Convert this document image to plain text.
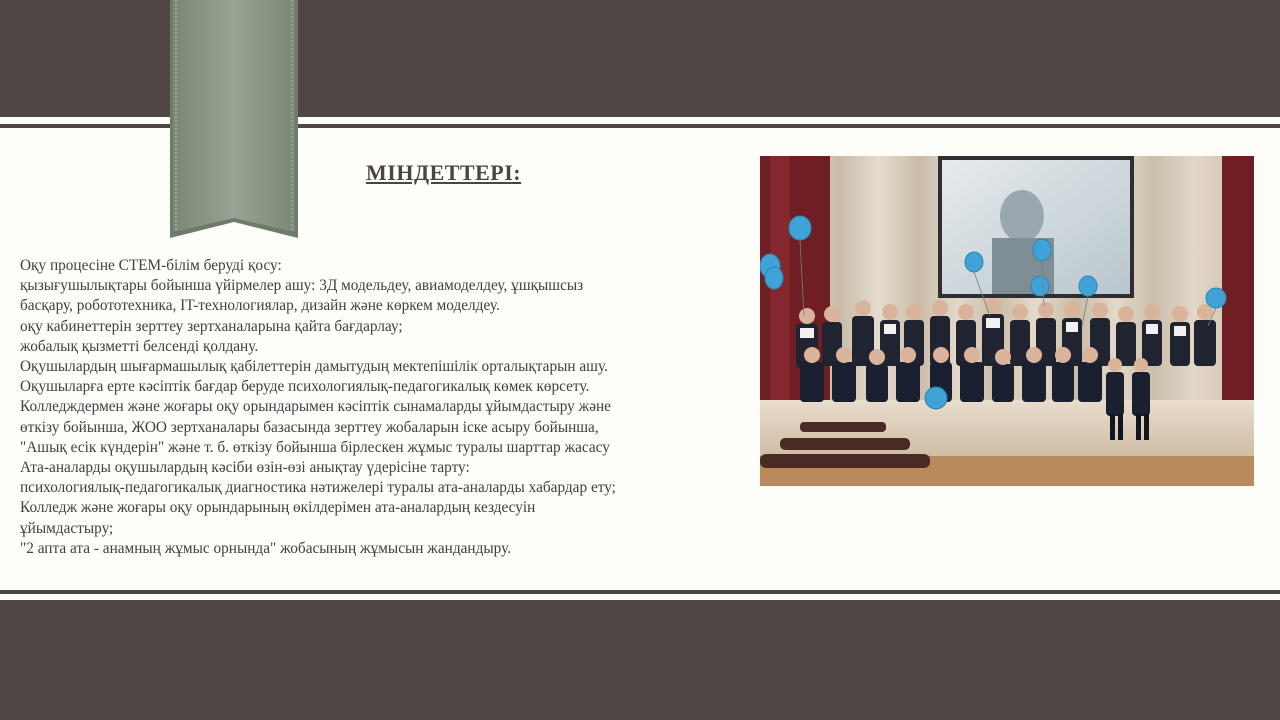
МІНДЕТТЕРІ:
Оқу процесіне СТЕМ-білім беруді қосу:
қызығушылықтары бойынша үйірмелер ашу: 3Д модельдеу, авиамоделдеу, ұшқышсыз
басқару, робототехника, IT-технологиялар, дизайн және көркем моделдеу.
оқу кабинеттерін зерттеу зертханаларына қайта бағдарлау;
жобалық қызметті белсенді қолдану.
Оқушылардың шығармашылық қабілеттерін дамытудың мектепішілік орталықтарын ашу.
Оқушыларға ерте кәсіптік бағдар беруде психологиялық-педагогикалық көмек көрсету.
Колледждермен және жоғары оқу орындарымен кәсіптік сынамаларды ұйымдастыру және
өткізу бойынша, ЖОО зертханалары базасында зерттеу жобаларын іске асыру бойынша,
"Ашық есік күндерін" және т. б. өткізу бойынша бірлескен жұмыс туралы шарттар жасасу
Ата-аналарды оқушылардың кәсіби өзін-өзі анықтау үдерісіне тарту:
психологиялық-педагогикалық диагностика нәтижелері туралы ата-аналарды хабардар ету;
Колледж және жоғары оқу орындарының өкілдерімен ата-аналардың кездесуін
ұйымдастыру;
"2 апта ата - анамның жұмыс орнында" жобасының жұмысын жандандыру.
